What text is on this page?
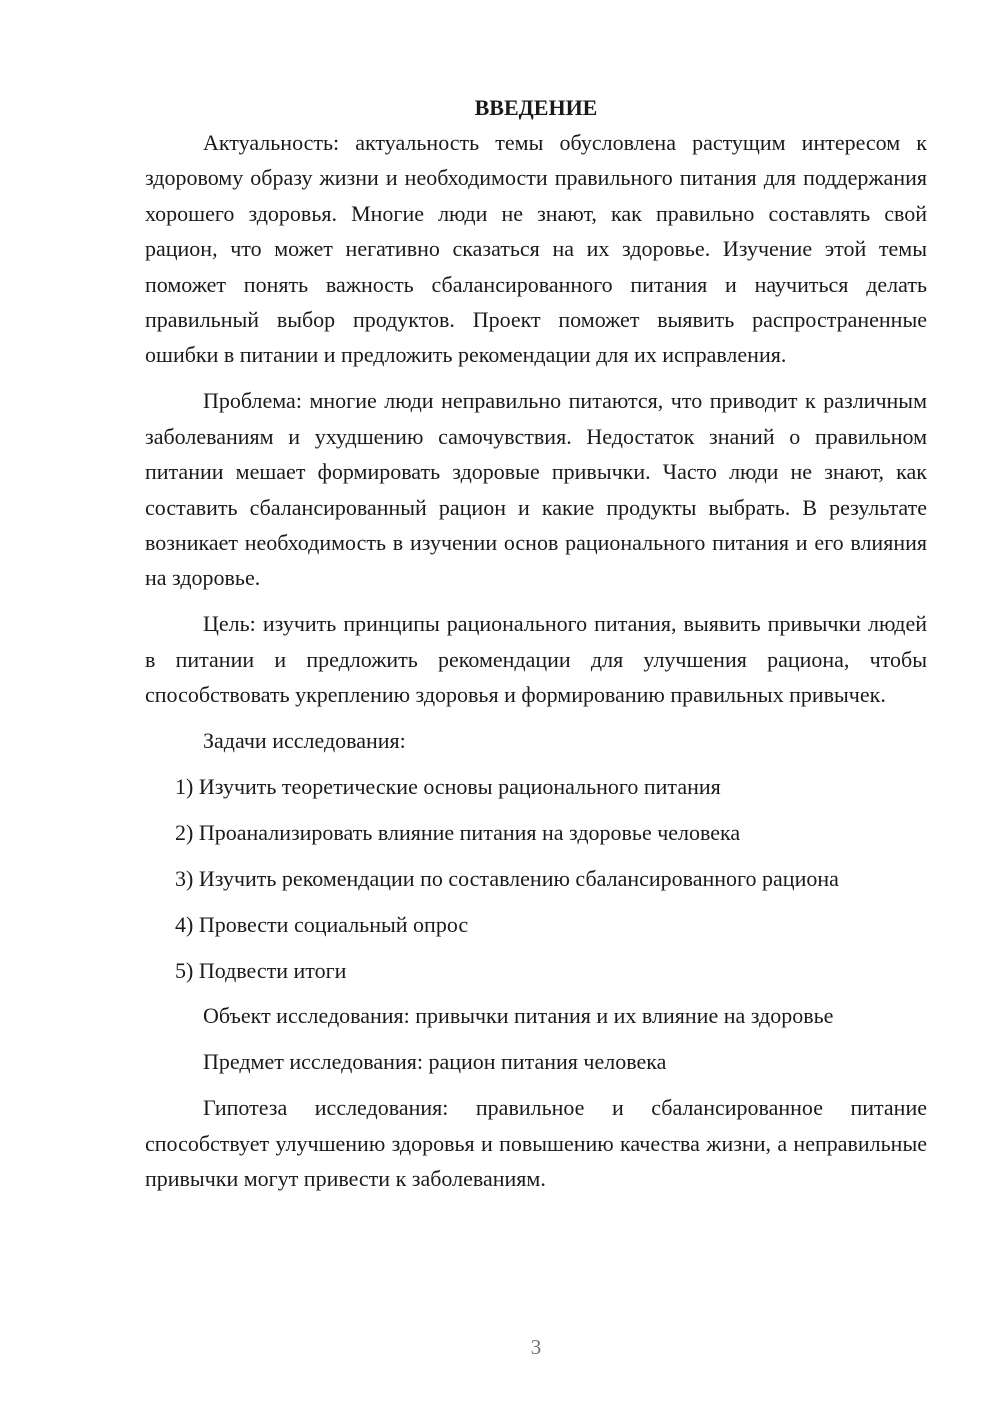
ВВЕДЕНИЕ

Актуальность: актуальность темы обусловлена растущим интересом к здоровому образу жизни и необходимости правильного питания для поддержания хорошего здоровья. Многие люди не знают, как правильно составлять свой рацион, что может негативно сказаться на их здоровье. Изучение этой темы поможет понять важность сбалансированного питания и научиться делать правильный выбор продуктов. Проект поможет выявить распространенные ошибки в питании и предложить рекомендации для их исправления.

Проблема: многие люди неправильно питаются, что приводит к различным заболеваниям и ухудшению самочувствия. Недостаток знаний о правильном питании мешает формировать здоровые привычки. Часто люди не знают, как составить сбалансированный рацион и какие продукты выбрать. В результате возникает необходимость в изучении основ рационального питания и его влияния на здоровье.

Цель: изучить принципы рационального питания, выявить привычки людей в питании и предложить рекомендации для улучшения рациона, чтобы способствовать укреплению здоровья и формированию правильных привычек.

Задачи исследования:

1) Изучить теоретические основы рационального питания

2) Проанализировать влияние питания на здоровье человека

3) Изучить рекомендации по составлению сбалансированного рациона

4) Провести социальный опрос

5) Подвести итоги

Объект исследования: привычки питания и их влияние на здоровье

Предмет исследования: рацион питания человека

Гипотеза исследования: правильное и сбалансированное питание способствует улучшению здоровья и повышению качества жизни, а неправильные привычки могут привести к заболеваниям.

3
